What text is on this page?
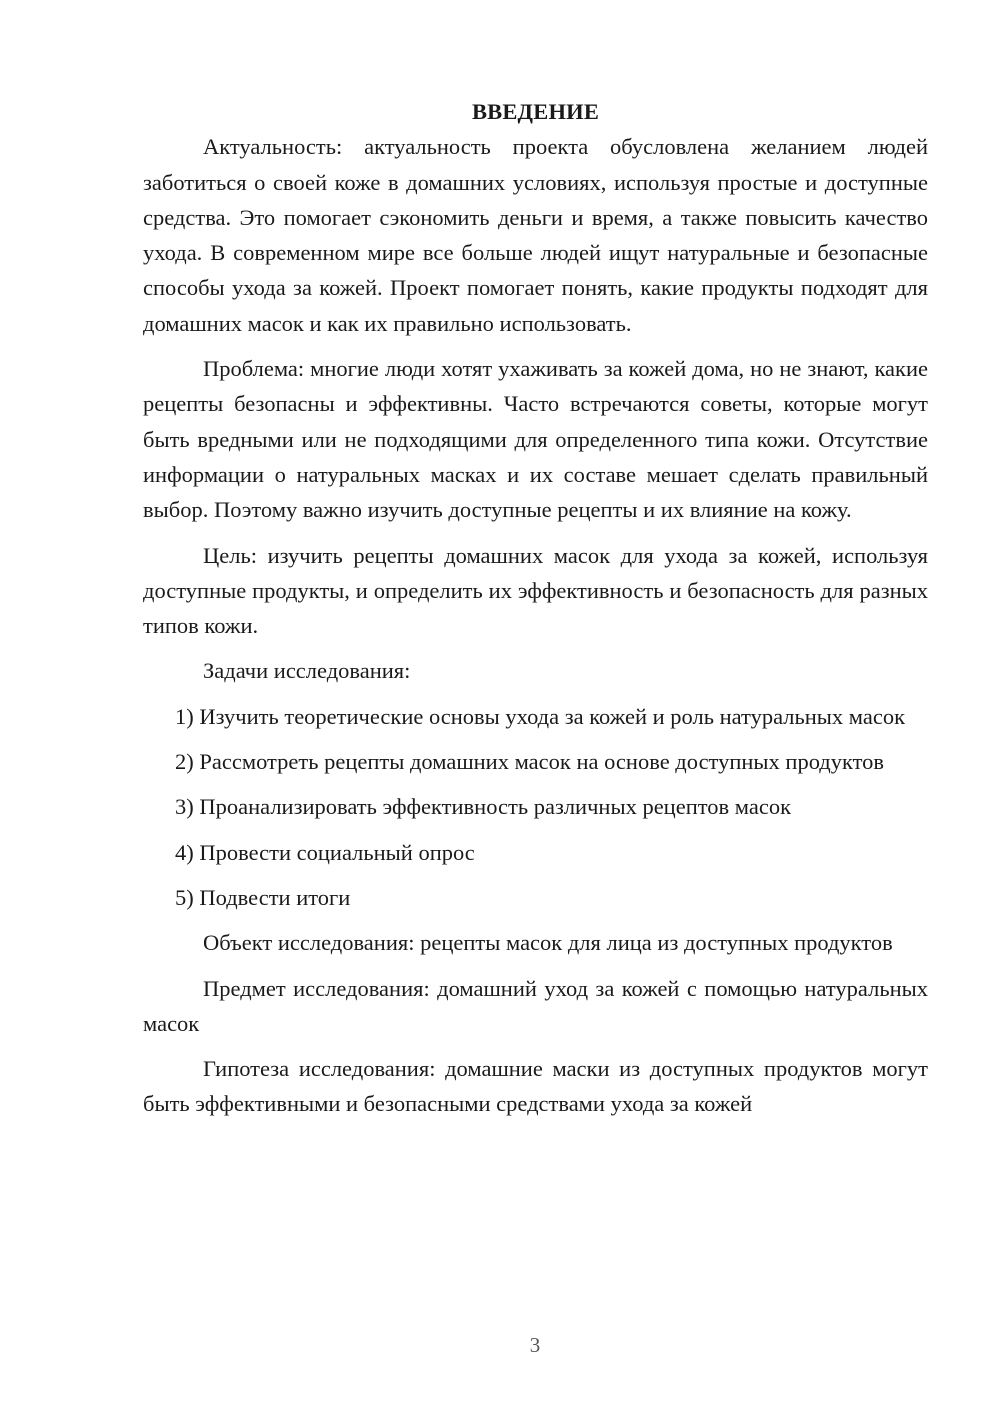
ВВЕДЕНИЕ

Актуальность: актуальность проекта обусловлена желанием людей заботиться о своей коже в домашних условиях, используя простые и доступные средства. Это помогает сэкономить деньги и время, а также повысить качество ухода. В современном мире все больше людей ищут натуральные и безопасные способы ухода за кожей. Проект помогает понять, какие продукты подходят для домашних масок и как их правильно использовать.

Проблема: многие люди хотят ухаживать за кожей дома, но не знают, какие рецепты безопасны и эффективны. Часто встречаются советы, которые могут быть вредными или не подходящими для определенного типа кожи. Отсутствие информации о натуральных масках и их составе мешает сделать правильный выбор. Поэтому важно изучить доступные рецепты и их влияние на кожу.

Цель: изучить рецепты домашних масок для ухода за кожей, используя доступные продукты, и определить их эффективность и безопасность для разных типов кожи.

Задачи исследования:

1) Изучить теоретические основы ухода за кожей и роль натуральных масок

2) Рассмотреть рецепты домашних масок на основе доступных продуктов

3) Проанализировать эффективность различных рецептов масок

4) Провести социальный опрос

5) Подвести итоги

Объект исследования: рецепты масок для лица из доступных продуктов

Предмет исследования: домашний уход за кожей с помощью натуральных масок

Гипотеза исследования: домашние маски из доступных продуктов могут быть эффективными и безопасными средствами ухода за кожей

3
